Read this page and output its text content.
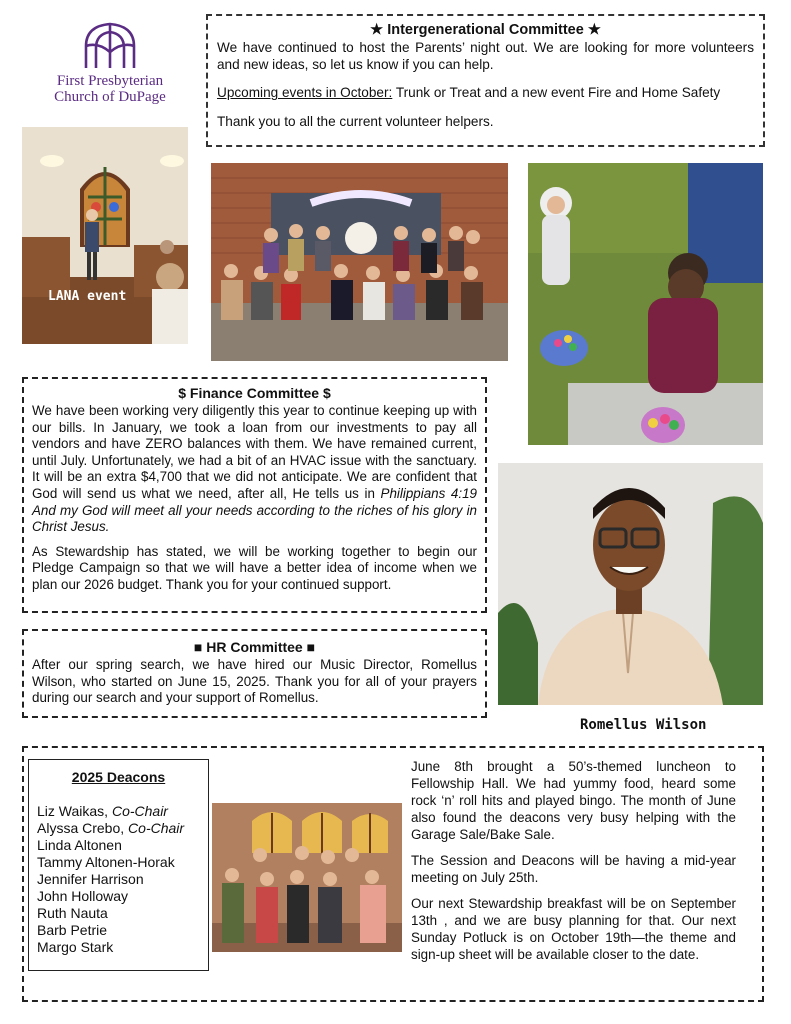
First Presbyterian
Church of DuPage
★ Intergenerational Committee ★

We have continued to host the Parents’ night out. We are looking for more volunteers and new ideas, so let us know if you can help.

Upcoming events in October: Trunk or Treat and a new event Fire and Home Safety

Thank you to all the current volunteer helpers.

LANA event
$ Finance Committee $

We have been working very diligently this year to continue keeping up with our bills. In January, we took a loan from our investments to pay all vendors and have ZERO balances with them. We have remained current, until July. Unfortunately, we had a bit of an HVAC issue with the sanctuary. It will be an extra $4,700 that we did not anticipate. We are confident that God will send us what we need, after all, He tells us in Philippians 4:19 And my God will meet all your needs according to the riches of his glory in Christ Jesus.

As Stewardship has stated, we will be working together to begin our Pledge Campaign so that we will have a better idea of income when we plan our 2026 budget. Thank you for your continued support.

Romellus Wilson
■ HR Committee ■

After our spring search, we have hired our Music Director, Romellus Wilson, who started on June 15, 2025. Thank you for all of your prayers during our search and your support of Romellus.

2025 Deacons
Liz Waikas, Co-Chair
Alyssa Crebo, Co-Chair
Linda Altonen
Tammy Altonen-Horak
Jennifer Harrison
John Holloway
Ruth Nauta
Barb Petrie
Margo Stark

June 8th brought a 50’s-themed luncheon to Fellowship Hall. We had yummy food, heard some rock ‘n’ roll hits and played bingo. The month of June also found the deacons very busy helping with the Garage Sale/Bake Sale.

The Session and Deacons will be having a mid-year meeting on July 25th.

Our next Stewardship breakfast will be on September 13th , and we are busy planning for that. Our next Sunday Potluck is on October 19th—the theme and sign-up sheet will be available closer to the date.
